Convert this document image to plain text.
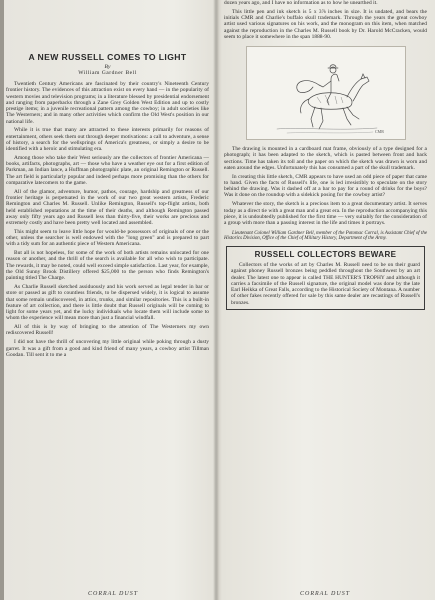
A NEW RUSSELL COMES TO LIGHT
By
William Gardner Bell

Twentieth Century Americans are fascinated by their country's Nineteenth Century frontier history. The evidences of this attraction exist on every hand — in the popularity of western movies and television programs; in a literature blessed by presidential endorsement and ranging from paperbacks through a Zane Grey Golden West Edition and up to costly prestige items; in a juvenile recreational pattern among the cowboy; in adult societies like The Westerners; and in many other activities which confirm the Old West's position in our national life.

While it is true that many are attracted to these interests primarily for reasons of entertainment, others seek them out through deeper motivations: a call to adventure, a sense of history, a search for the wellsprings of America's greatness, or simply a desire to be identified with a heroic and stimulating era.

Among those who take their West seriously are the collectors of frontier Americana — books, artifacts, photographs, art — those who have a weather eye out for a first edition of Parkman, an Indian lance, a Huffman photographic plate, an original Remington or Russell. The art field is particularly popular and indeed perhaps more promising than the others for comparative latecomers to the game.

All of the glamor, adventure, humor, pathos, courage, hardship and greatness of our frontier heritage is perpetuated in the work of our two great western artists, Frederic Remington and Charles M. Russell. Unlike Remington, Russell's top-flight artists, both held established reputations at the time of their deaths, and although Remington passed away only fifty years ago and Russell less than thirty-five, their works are precious and extremely costly and have been pretty well located and assembled.

This might seem to leave little hope for would-be possessors of originals of one or the other, unless the searcher is well endowed with the "long green" and is prepared to part with a tidy sum for an authentic piece of Western Americana.

But all is not hopeless, for some of the work of both artists remains unlocated for one reason or another, and the thrill of the search is available for all who wish to participate. The rewards, it may be noted, could well exceed simple satisfaction. Last year, for example, the Old Sunny Brook Distillery offered $25,000 to the person who finds Remington's painting titled The Charge.

As Charlie Russell sketched assiduously and his work served as legal tender in bar or store or passed as gift to countless friends, to be dispersed widely, it is logical to assume that some remain undiscovered, in attics, trunks, and similar repositories. This is a built-in feature of art collection, and there is little doubt that Russell originals will be coming to light for some years yet, and the lucky individuals who locate them will include some to whom the experience will mean more than just a financial windfall.

All of this is by way of bringing to the attention of The Westerners my own rediscovered Russell!

I did not have the thrill of uncovering my little original while poking through a dusty garret. It was a gift from a good and kind friend of many years, a cowboy artist Tillman Goodan. Till sent it to me a

CORRAL DUST

dozen years ago, and I have no information as to how he unearthed it.

This little pen and ink sketch is 5 x 3⅞ inches in size. It is undated, and bears the initials CMR and Charlie's buffalo skull trademark. Through the years the great cowboy artist used various signatures on his work, and the monogram on this item, when matched against the reproduction in the Charles M. Russell book by Dr. Harold McCracken, would seem to place it somewhere in the span 1888-90.

CMR

The drawing is mounted in a cardboard mat frame, obviously of a type designed for a photograph; it has been adapted to the sketch, which is pasted between front and back sections. Time has taken its toll and the paper on which the sketch was drawn is worn and eaten around the edges. Unfortunately this has consumed a part of the skull trademark.

In creating this little sketch, CMR appears to have used an odd piece of paper that came to hand. Given the facts of Russell's life, one is led irresistibly to speculate on the story behind the drawing. Was it dashed off at a bar to pay for a round of drinks for the boys? Was it done on the roundup with a sidekick posing for the cowboy artist?

Whatever the story, the sketch is a precious item to a great documentary artist. It serves today as a direct tie with a great man and a great era. In the reproduction accompanying this piece, it is undoubtedly published for the first time — very suitably for the consideration of a group with more than a passing interest in the life and times it portrays.

Lieutenant Colonel William Gardner Bell, member of the Potomac Corral, is Assistant Chief of the Historics Division, Office of the Chief of Military History, Department of the Army.

RUSSELL COLLECTORS BEWARE

Collectors of the works of art by Charles M. Russell need to be on their guard against phoney Russell bronzes being peddled throughout the Southwest by an art dealer. The latest one to appear is called THE HUNTER'S TROPHY and although it carries a facsimile of the Russell signature, the original model was done by the late Earl Heikka of Great Falls, according to the Historical Society of Montana. A number of other fakes recently offered for sale by this same dealer are recastings of Russell's bronzes.

CORRAL DUST
